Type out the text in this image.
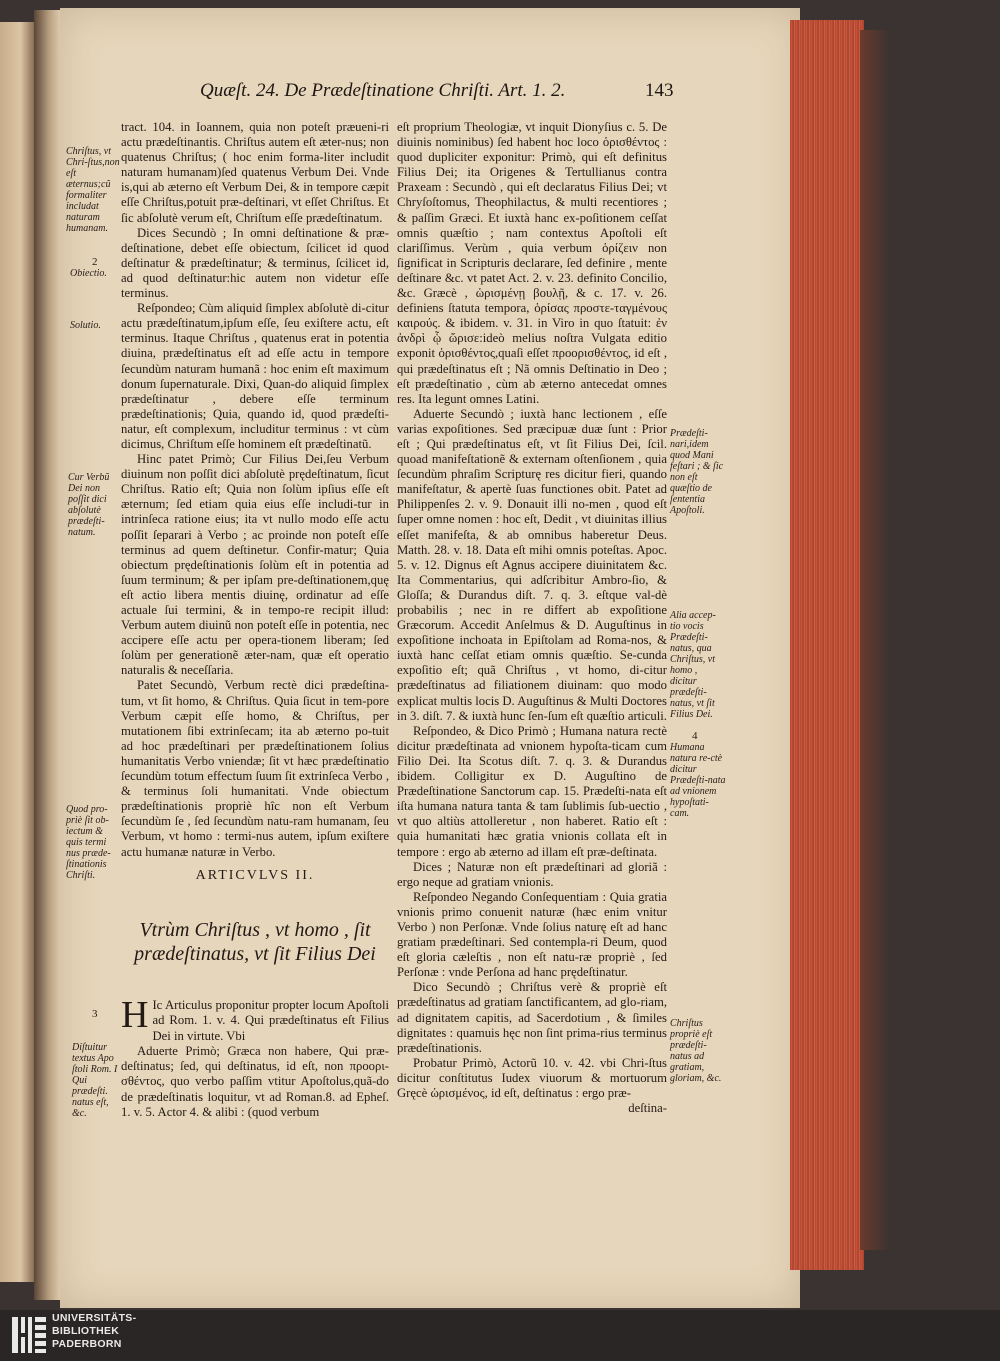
Quæſt. 24. De Prædeſtinatione Chriſti. Art. 1. 2.	143
Chriſtus, vt Chri-ſtus,non eſt æternus;cũ formaliter includat naturam humanam.
2
Obiectio.
Solutio.
Cur Verbũ Dei non poſſit dici abſolutè prædeſti-natum.
Quod pro-priè ſit ob-iectum & quis termi nus præde-ſtinationis Chriſti.
3
Diſtuitur textus Apo ſtoli Rom. I Qui prædeſti. natus eſt, &c.

tract. 104. in Ioannem, quia non poteſt præueni-ri actu prædeſtinantis. Chriſtus autem eſt æter-nus; non quatenus Chriſtus; ( hoc enim forma-liter includit naturam humanam)ſed quatenus Verbum Dei. Vnde is,qui ab æterno eſt Verbum Dei, & in tempore cæpit eſſe Chriſtus,potuit præ-deſtinari, vt eſſet Chriſtus. Et ſic abſolutè verum eſt, Chriſtum eſſe prædeſtinatum.

Dices Secundò ; In omni deſtinatione & præ-deſtinatione, debet eſſe obiectum, ſcilicet id quod deſtinatur & prædeſtinatur; & terminus, ſcilicet id, ad quod deſtinatur:hic autem non videtur eſſe terminus.

Reſpondeo; Cùm aliquid ſimplex abſolutè di-citur actu prædeſtinatum,ipſum eſſe, ſeu exiſtere actu, eſt terminus. Itaque Chriſtus , quatenus erat in potentia diuina, prædeſtinatus eſt ad eſſe actu in tempore ſecundùm naturam humanã : hoc enim eſt maximum donum ſupernaturale. Dixi, Quan-do aliquid ſimplex prædeſtinatur , debere eſſe terminum prædeſtinationis; Quia, quando id, quod prædeſti-natur, eſt complexum, includitur terminus : vt cùm dicimus, Chriſtum eſſe hominem eſt prædeſtinatũ.

Hinc patet Primò; Cur Filius Dei,ſeu Verbum diuinum non poſſit dici abſolutè prędeſtinatum, ſicut Chriſtus. Ratio eſt; Quia non ſolùm ipſius eſſe eſt æternum; ſed etiam quia eius eſſe includi-tur in intrinſeca ratione eius; ita vt nullo modo eſſe actu poſſit ſeparari à Verbo ; ac proinde non poteſt eſſe terminus ad quem deſtinetur. Confir-matur; Quia obiectum prędeſtinationis ſolùm eſt in potentia ad ſuum terminum; & per ipſam pre-deſtinationem,quę eſt actio libera mentis diuinę, ordinatur ad eſſe actuale ſui termini, & in tempo-re recipit illud: Verbum autem diuinũ non poteſt eſſe in potentia, nec accipere eſſe actu per opera-tionem liberam; ſed ſolùm per generationẽ æter-nam, quæ eſt operatio naturalis & neceſſaria.

Patet Secundò, Verbum rectè dici prædeſtina-tum, vt ſit homo, & Chriſtus. Quia ſicut in tem-pore Verbum cæpit eſſe homo, & Chriſtus, per mutationem ſibi extrinſecam; ita ab æterno po-tuit ad hoc prædeſtinari per prædeſtinationem ſolius humanitatis Verbo vniendæ; ſit vt hæc prædeſtinatio ſecundùm totum effectum ſuum ſit extrinſeca Verbo , & terminus ſoli humanitati. Vnde obiectum prædeſtinationis propriè hîc non eſt Verbum ſecundùm ſe , ſed ſecundùm natu-ram humanam, ſeu Verbum, vt homo : termi-nus autem, ipſum exiſtere actu humanæ naturæ in Verbo.

ARTICVLVS II.
Vtrùm Chriſtus , vt homo , ſit prædeſtinatus, vt ſit Filius Dei
H Ic Articulus proponitur propter locum Apoſtoli ad Rom. 1. v. 4. Qui prædeſtinatus eſt Filius Dei in virtute. Vbi

Aduerte Primò; Græca non habere, Qui præ-deſtinatus; ſed, qui deſtinatus, id eſt, non προορι-σθέντος, quo verbo paſſim vtitur Apoſtolus,quã-do de prædeſtinatis loquitur, vt ad Roman.8. ad Epheſ. 1. v. 5. Actor 4. & alibi : (quod verbum

eſt proprium Theologiæ, vt inquit Dionyſius c. 5. De diuinis nominibus) ſed habent hoc loco ὁρισθέντος : quod dupliciter exponitur: Primò, qui eſt definitus Filius Dei; ita Origenes & Tertullianus contra Praxeam : Secundò , qui eſt declaratus Filius Dei; vt Chryſoſtomus, Theophilactus, & multi recentiores ; & paſſim Græci. Et iuxtà hanc ex-poſitionem ceſſat omnis quæſtio ; nam contextus Apoſtoli eſt clariſſimus. Verùm , quia verbum ὁρίζειν non ſignificat in Scripturis declarare, ſed definire , mente deſtinare &c. vt patet Act. 2. v. 23. definito Concilio, &c. Græcè , ὡρισμένῃ βουλῇ, & c. 17. v. 26. definiens ſtatuta tempora, ὁρίσας προστε-ταγμένους καιρούς. & ibidem. v. 31. in Viro in quo ſtatuit: ἐν ἀνδρὶ ᾧ ὥρισε:ideò melius noſtra Vulgata editio exponit ὁρισθέντος,quaſi eſſet προορισθέντος, id eſt , qui prædeſtinatus eſt ; Nã omnis Deſtinatio in Deo ; eſt prædeſtinatio , cùm ab æterno antecedat omnes res. Ita legunt omnes Latini.

Aduerte Secundò ; iuxtà hanc lectionem , eſſe varias expoſitiones. Sed præcipuæ duæ ſunt : Prior eſt ; Qui prædeſtinatus eſt, vt ſit Filius Dei, ſcil. quoad manifeſtationẽ & externam oſtenſionem , quia ſecundùm phraſim Scripturę res dicitur fieri, quando manifeſtatur, & apertè ſuas functiones obit. Patet ad Philippenſes 2. v. 9. Donauit illi no-men , quod eſt ſuper omne nomen : hoc eſt, Dedit , vt diuinitas illius eſſet manifeſta, & ab omnibus haberetur Deus. Matth. 28. v. 18. Data eſt mihi omnis poteſtas. Apoc. 5. v. 12. Dignus eſt Agnus accipere diuinitatem &c. Ita Commentarius, qui adſcribitur Ambro-ſio, & Gloſſa; & Durandus diſt. 7. q. 3. eſtque val-dè probabilis ; nec in re differt ab expoſitione Græcorum. Accedit Anſelmus & D. Auguſtinus in expoſitione inchoata in Epiſtolam ad Roma-nos, & iuxtà hanc ceſſat etiam omnis quæſtio. Se-cunda expoſitio eſt; quã Chriſtus , vt homo, di-citur prædeſtinatus ad filiationem diuinam: quo modo explicat multis locis D. Auguſtinus & Multi Doctores in 3. diſt. 7. & iuxtà hunc ſen-ſum eſt quæſtio articuli.

Reſpondeo, & Dico Primò ; Humana natura rectè dicitur prædeſtinata ad vnionem hypoſta-ticam cum Filio Dei. Ita Scotus diſt. 7. q. 3. & Durandus ibidem. Colligitur ex D. Auguſtino de Prædeſtinatione Sanctorum cap. 15. Prædeſti-nata eſt iſta humana natura tanta & tam ſublimis ſub-uectio , vt quo altiùs attolleretur , non haberet. Ratio eſt : quia humanitati hæc gratia vnionis collata eſt in tempore : ergo ab æterno ad illam eſt præ-deſtinata.

Dices ; Naturæ non eſt prædeſtinari ad gloriã : ergo neque ad gratiam vnionis.

Reſpondeo Negando Conſequentiam : Quia gratia vnionis primo conuenit naturæ (hæc enim vnitur Verbo ) non Perſonæ. Vnde ſolius naturę eſt ad hanc gratiam prædeſtinari. Sed contempla-ri Deum, quod eſt gloria cæleſtis , non eſt natu-ræ propriè , ſed Perſonæ : vnde Perſona ad hanc prędeſtinatur.

Dico Secundò ; Chriſtus verè & propriè eſt prædeſtinatus ad gratiam ſanctificantem, ad glo-riam, ad dignitatem capitis, ad Sacerdotium , & ſimiles dignitates : quamuis hęc non ſint prima-rius terminus prædeſtinationis.

Probatur Primò, Actorũ 10. v. 42. vbi Chri-ſtus dicitur conſtitutus Iudex viuorum & mortuorum Gręcè ὡρισμένος, id eſt, deſtinatus : ergo præ-

deſtina-

Prædeſti-nari,idem quod Mani feſtari ; & ſic non eſt quæſtio de ſententia Apoſtoli.
Alia accep-tio vocis Prædeſti-natus, qua Chriſtus, vt homo , dicitur prædeſti-natus, vt ſit Filius Dei.
4
Humana natura re-ctè dicitur Prædeſti-nata ad vnionem hypoſtati-cam.
Chriſtus propriè eſt prædeſti-natus ad gratiam, gloriam, &c.
UNIVERSITÄTS-
BIBLIOTHEK
PADERBORN
